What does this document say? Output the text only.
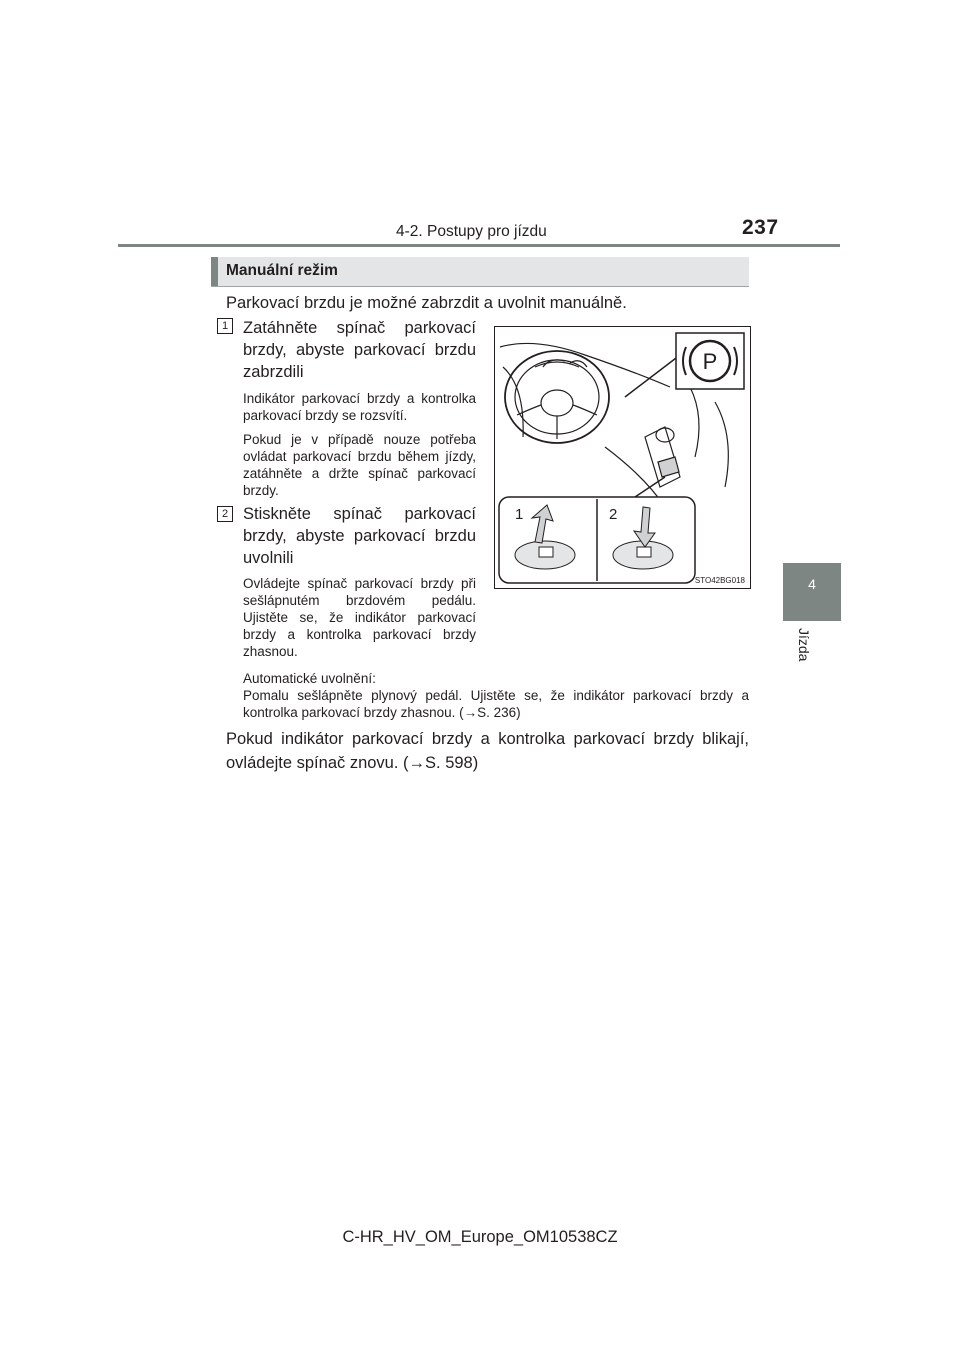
4-2. Postupy pro jízdu	237
4
Jízda
Manuální režim
Parkovací brzdu je možné zabrzdit a uvolnit manuálně.
1 Zatáhněte spínač parkovací brzdy, abyste parkovací brzdu zabrzdili
Indikátor parkovací brzdy a kontrolka parkovací brzdy se rozsvítí.
Pokud je v případě nouze potřeba ovládat parkovací brzdu během jízdy, zatáhněte a držte spínač parkovací brzdy.
2 Stiskněte spínač parkovací brzdy, abyste parkovací brzdu uvolnili
Ovládejte spínač parkovací brzdy při sešlápnutém brzdovém pedálu. Ujistěte se, že indikátor parkovací brzdy a kontrolka parkovací brzdy zhasnou.
Automatické uvolnění:
Pomalu sešlápněte plynový pedál. Ujistěte se, že indikátor parkovací brzdy a kontrolka parkovací brzdy zhasnou. (→S. 236)
Pokud indikátor parkovací brzdy a kontrolka parkovací brzdy blikají, ovládejte spínač znovu. (→S. 598)
P
1	2
STO42BG018
C-HR_HV_OM_Europe_OM10538CZ
